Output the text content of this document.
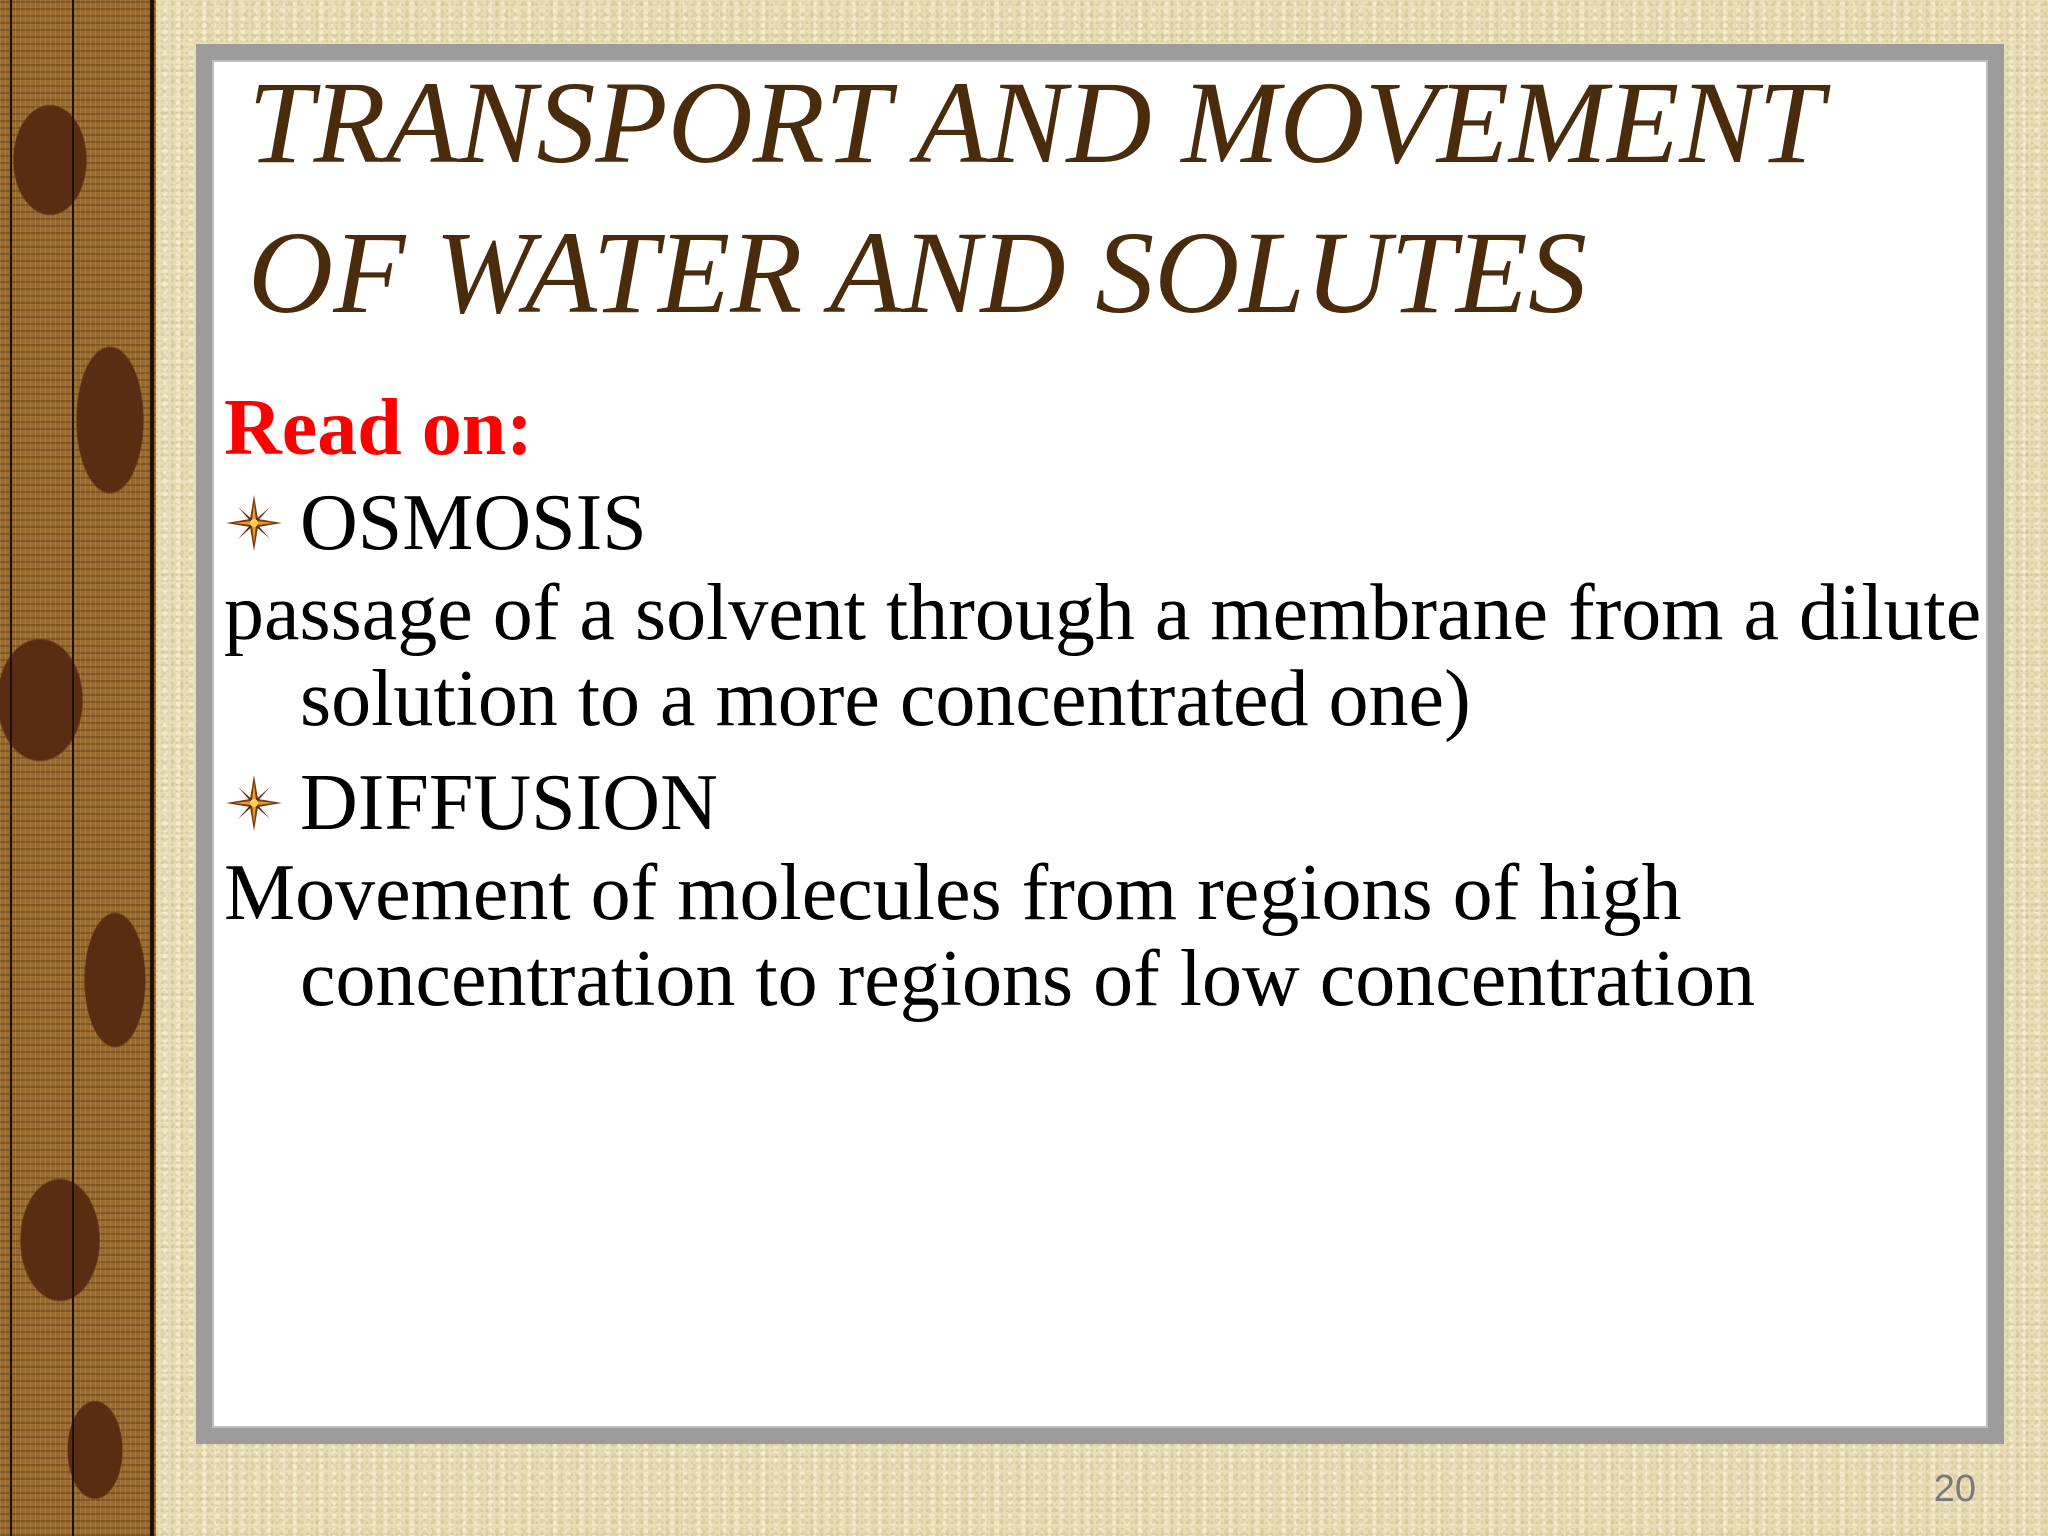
TRANSPORT AND MOVEMENT OF WATER AND SOLUTES

Read on:

OSMOSIS

passage of a solvent through a membrane from a dilute solution to a more concentrated one)

DIFFUSION

Movement of molecules from regions of high concentration to regions of low concentration

20
